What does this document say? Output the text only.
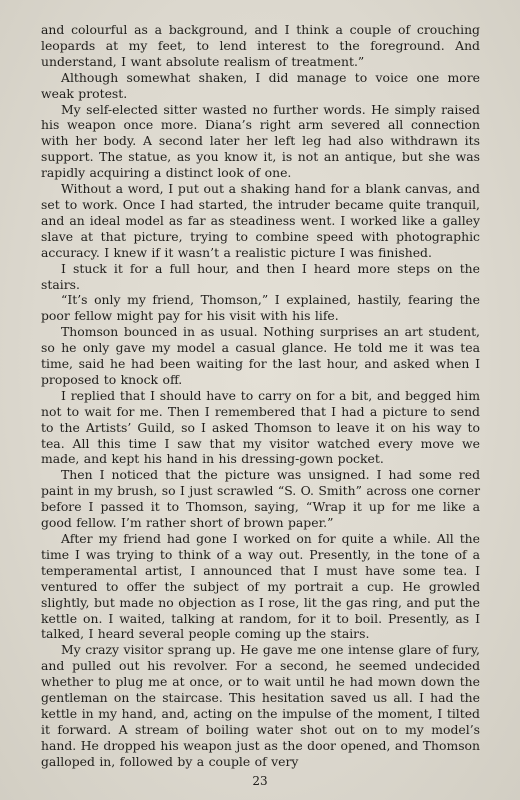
and colourful as a background, and I think a couple of crouching leopards at my feet, to lend interest to the foreground. And understand, I want absolute realism of treatment.”

Although somewhat shaken, I did manage to voice one more weak protest.

My self-elected sitter wasted no further words. He simply raised his weapon once more. Diana’s right arm severed all connection with her body. A second later her left leg had also withdrawn its support. The statue, as you know it, is not an antique, but she was rapidly acquiring a distinct look of one.

Without a word, I put out a shaking hand for a blank canvas, and set to work. Once I had started, the intruder became quite tranquil, and an ideal model as far as steadiness went. I worked like a galley slave at that picture, trying to combine speed with photographic accuracy. I knew if it wasn’t a realistic picture I was finished.

I stuck it for a full hour, and then I heard more steps on the stairs.

“It’s only my friend, Thomson,” I explained, hastily, fearing the poor fellow might pay for his visit with his life.

Thomson bounced in as usual. Nothing surprises an art student, so he only gave my model a casual glance. He told me it was tea time, said he had been waiting for the last hour, and asked when I proposed to knock off.

I replied that I should have to carry on for a bit, and begged him not to wait for me. Then I remembered that I had a picture to send to the Artists’ Guild, so I asked Thomson to leave it on his way to tea. All this time I saw that my visitor watched every move we made, and kept his hand in his dressing-gown pocket.

Then I noticed that the picture was unsigned. I had some red paint in my brush, so I just scrawled “S. O. Smith” across one corner before I passed it to Thomson, saying, “Wrap it up for me like a good fellow. I’m rather short of brown paper.”

After my friend had gone I worked on for quite a while. All the time I was trying to think of a way out. Presently, in the tone of a temperamental artist, I announced that I must have some tea. I ventured to offer the subject of my portrait a cup. He growled slightly, but made no objection as I rose, lit the gas ring, and put the kettle on. I waited, talking at random, for it to boil. Presently, as I talked, I heard several people coming up the stairs.

My crazy visitor sprang up. He gave me one intense glare of fury, and pulled out his revolver. For a second, he seemed undecided whether to plug me at once, or to wait until he had mown down the gentleman on the staircase. This hesitation saved us all. I had the kettle in my hand, and, acting on the impulse of the moment, I tilted it forward. A stream of boiling water shot out on to my model’s hand. He dropped his weapon just as the door opened, and Thomson galloped in, followed by a couple of very

23
